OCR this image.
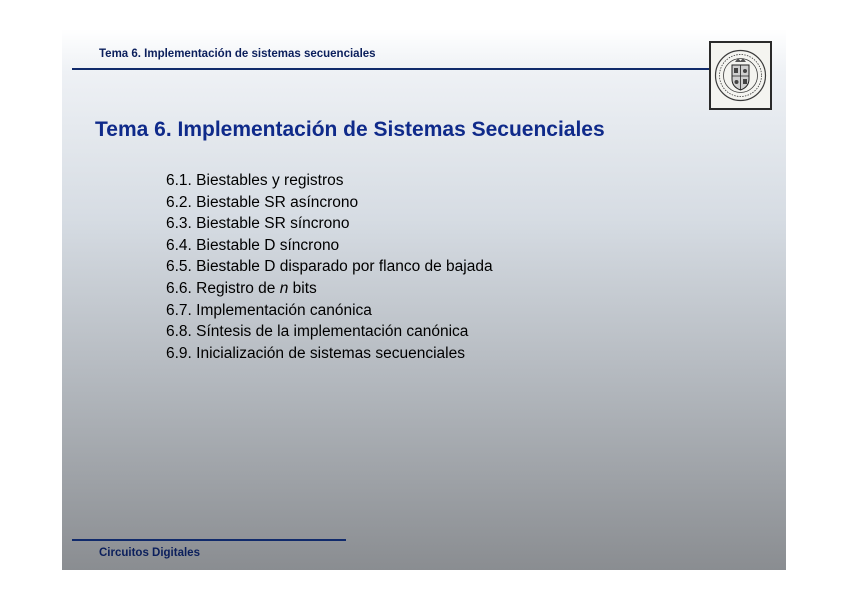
Tema 6. Implementación de sistemas secuenciales
Tema 6. Implementación de Sistemas Secuenciales
6.1. Biestables y registros
6.2. Biestable SR asíncrono
6.3. Biestable SR síncrono
6.4. Biestable D síncrono
6.5. Biestable D disparado por flanco de bajada
6.6. Registro de n bits
6.7. Implementación canónica
6.8. Síntesis de la implementación canónica
6.9. Inicialización de sistemas secuenciales
Circuitos Digitales
